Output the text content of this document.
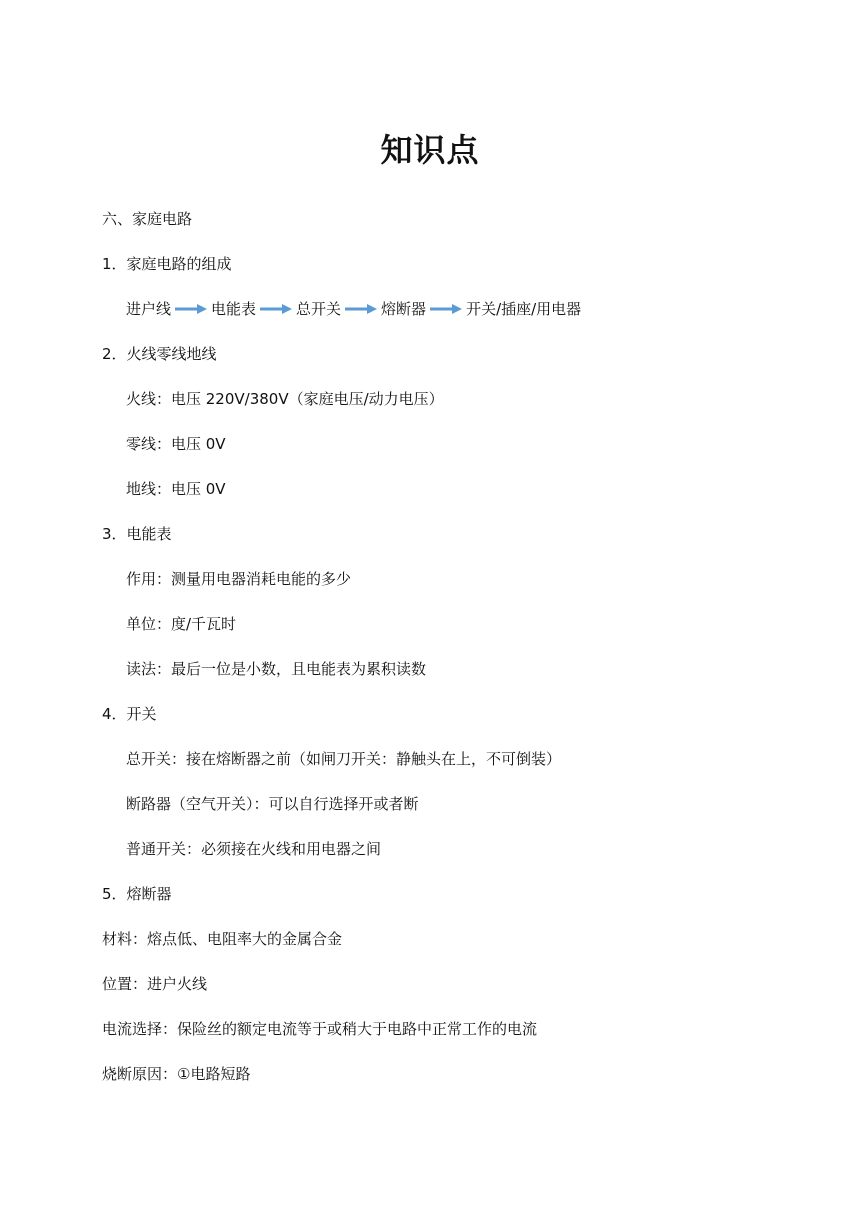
知识点
六、家庭电路
1．家庭电路的组成
进户线	电能表	总开关	熔断器	开关/插座/用电器
2．火线零线地线
火线：电压 220V/380V（家庭电压/动力电压）
零线：电压 0V
地线：电压 0V
3．电能表
作用：测量用电器消耗电能的多少
单位：度/千瓦时
读法：最后一位是小数，且电能表为累积读数
4．开关
总开关：接在熔断器之前（如闸刀开关：静触头在上，不可倒装）
断路器（空气开关）：可以自行选择开或者断
普通开关：必须接在火线和用电器之间
5．熔断器
材料：熔点低、电阻率大的金属合金
位置：进户火线
电流选择：保险丝的额定电流等于或稍大于电路中正常工作的电流
烧断原因：①电路短路
